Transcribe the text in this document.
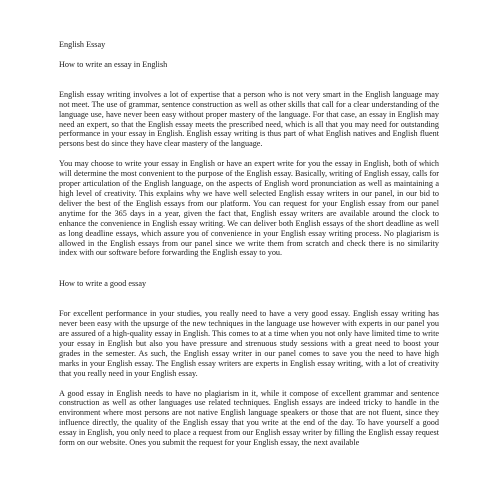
English Essay

How to write an essay in English

English essay writing involves a lot of expertise that a person who is not very smart in the English language may not meet. The use of grammar, sentence construction as well as other skills that call for a clear understanding of the language use, have never been easy without proper mastery of the language. For that case, an essay in English may need an expert, so that the English essay meets the prescribed need, which is all that you may need for outstanding performance in your essay in English. English essay writing is thus part of what English natives and English fluent persons best do since they have clear mastery of the language.

You may choose to write your essay in English or have an expert write for you the essay in English, both of which will determine the most convenient to the purpose of the English essay. Basically, writing of English essay, calls for proper articulation of the English language, on the aspects of English word pronunciation as well as maintaining a high level of creativity. This explains why we have well selected English essay writers in our panel, in our bid to deliver the best of the English essays from our platform. You can request for your English essay from our panel anytime for the 365 days in a year, given the fact that, English essay writers are available around the clock to enhance the convenience in English essay writing. We can deliver both English essays of the short deadline as well as long deadline essays, which assure you of convenience in your English essay writing process. No plagiarism is allowed in the English essays from our panel since we write them from scratch and check there is no similarity index with our software before forwarding the English essay to you.

How to write a good essay

For excellent performance in your studies, you really need to have a very good essay. English essay writing has never been easy with the upsurge of the new techniques in the language use however with experts in our panel you are assured of a high-quality essay in English. This comes to at a time when you not only have limited time to write your essay in English but also you have pressure and strenuous study sessions with a great need to boost your grades in the semester. As such, the English essay writer in our panel comes to save you the need to have high marks in your English essay. The English essay writers are experts in English essay writing, with a lot of creativity that you really need in your English essay.

A good essay in English needs to have no plagiarism in it, while it compose of excellent grammar and sentence construction as well as other languages use related techniques. English essays are indeed tricky to handle in the environment where most persons are not native English language speakers or those that are not fluent, since they influence directly, the quality of the English essay that you write at the end of the day. To have yourself a good essay in English, you only need to place a request from our English essay writer by filling the English essay request form on our website. Ones you submit the request for your English essay, the next available
